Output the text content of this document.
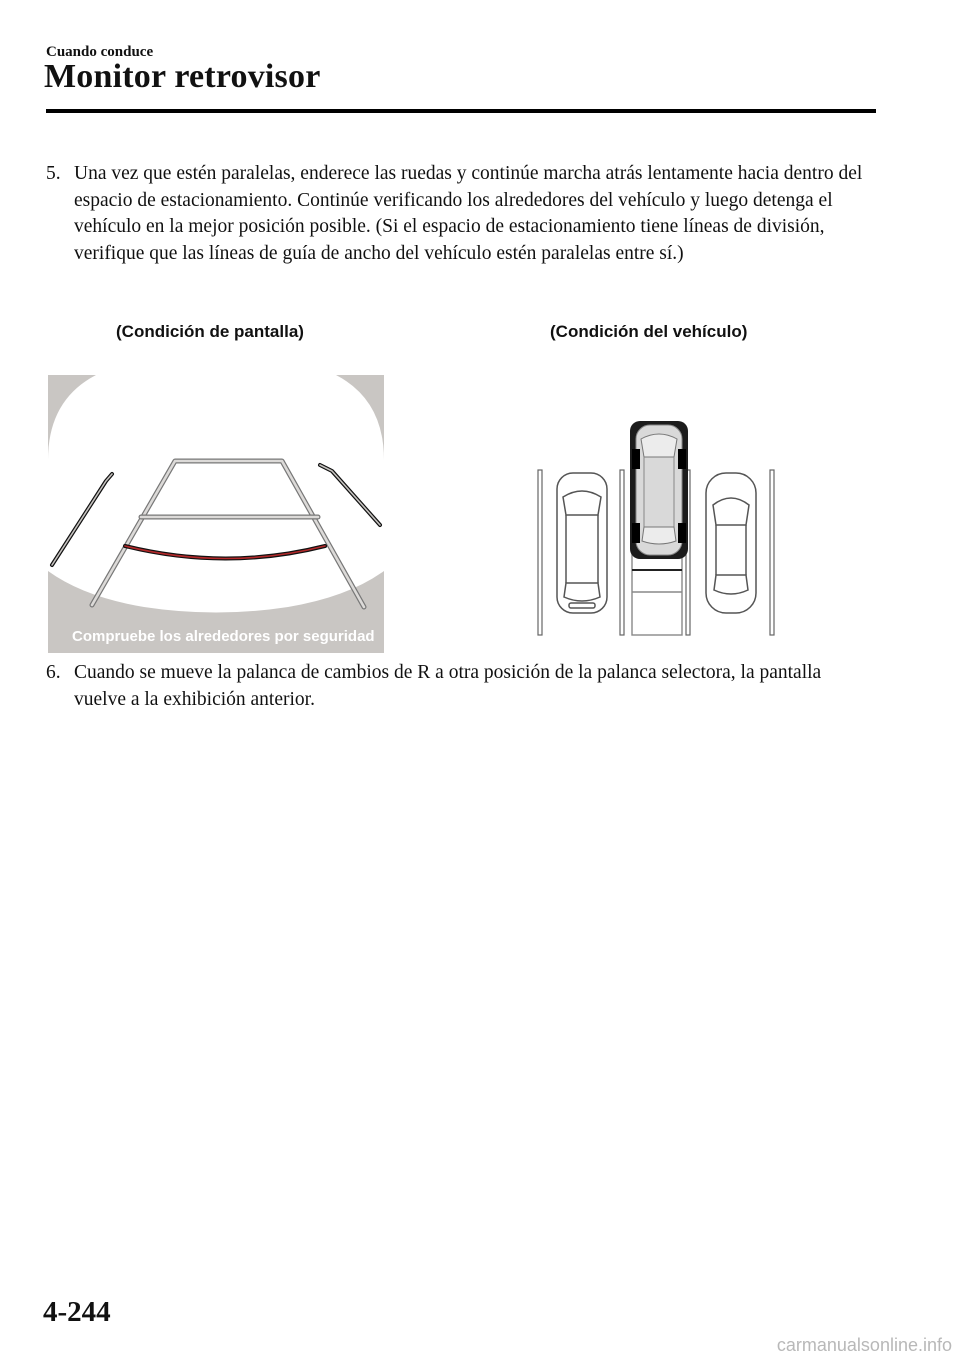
Cuando conduce
Monitor retrovisor
5. Una vez que estén paralelas, enderece las ruedas y continúe marcha atrás lentamente hacia dentro del espacio de estacionamiento. Continúe verificando los alrededores del vehículo y luego detenga el vehículo en la mejor posición posible. (Si el espacio de estacionamiento tiene líneas de división, verifique que las líneas de guía de ancho del vehículo estén paralelas entre sí.)
(Condición de pantalla)	(Condición del vehículo)
Compruebe los alrededores por seguridad
6. Cuando se mueve la palanca de cambios de R a otra posición de la palanca selectora, la pantalla vuelve a la exhibición anterior.
4-244
carmanualsonline.info
